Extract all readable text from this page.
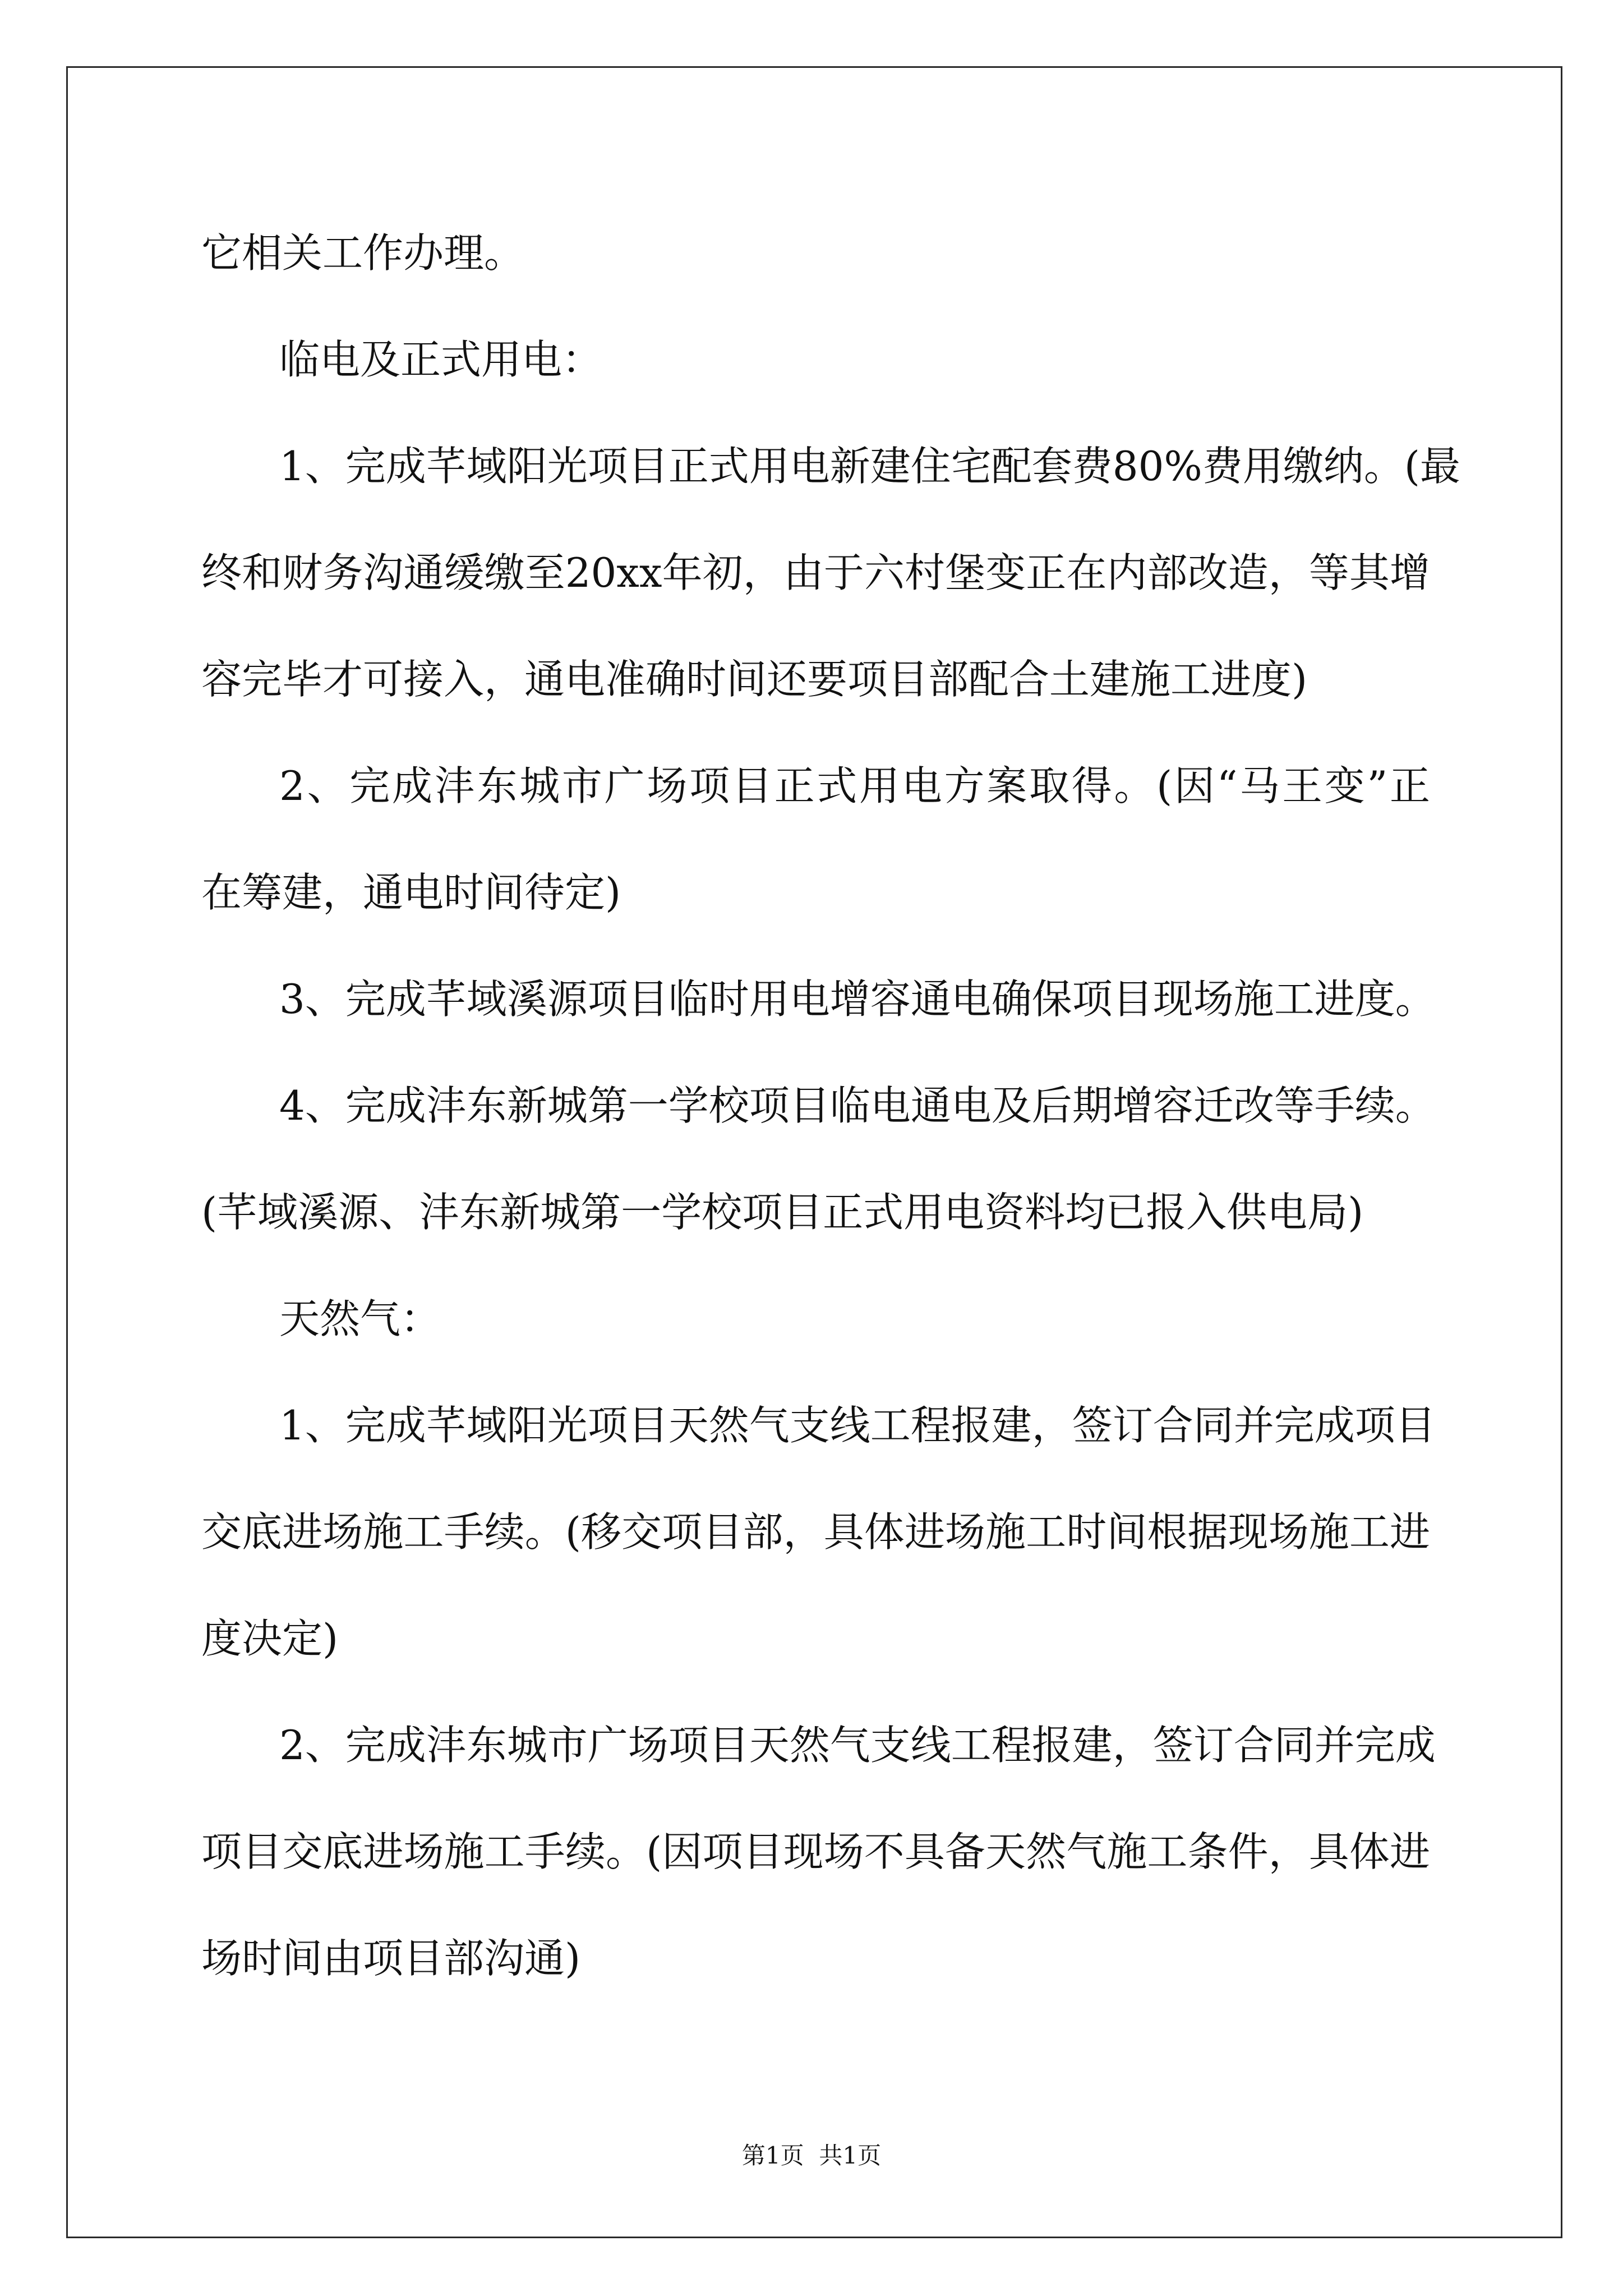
它相关工作办理。
临电及正式用电：
1、完成芊域阳光项目正式用电新建住宅配套费80%费用缴纳。(最
终和财务沟通缓缴至20xx年初，由于六村堡变正在内部改造，等其增
容完毕才可接入，通电准确时间还要项目部配合土建施工进度)
2、完成沣东城市广场项目正式用电方案取得。(因“马王变”正
在筹建，通电时间待定)
3、完成芊域溪源项目临时用电增容通电确保项目现场施工进度。
4、完成沣东新城第一学校项目临电通电及后期增容迁改等手续。
(芊域溪源、沣东新城第一学校项目正式用电资料均已报入供电局)
天然气：
1、完成芊域阳光项目天然气支线工程报建，签订合同并完成项目
交底进场施工手续。(移交项目部，具体进场施工时间根据现场施工进
度决定)
2、完成沣东城市广场项目天然气支线工程报建，签订合同并完成
项目交底进场施工手续。(因项目现场不具备天然气施工条件，具体进
场时间由项目部沟通)
第1页  共1页
